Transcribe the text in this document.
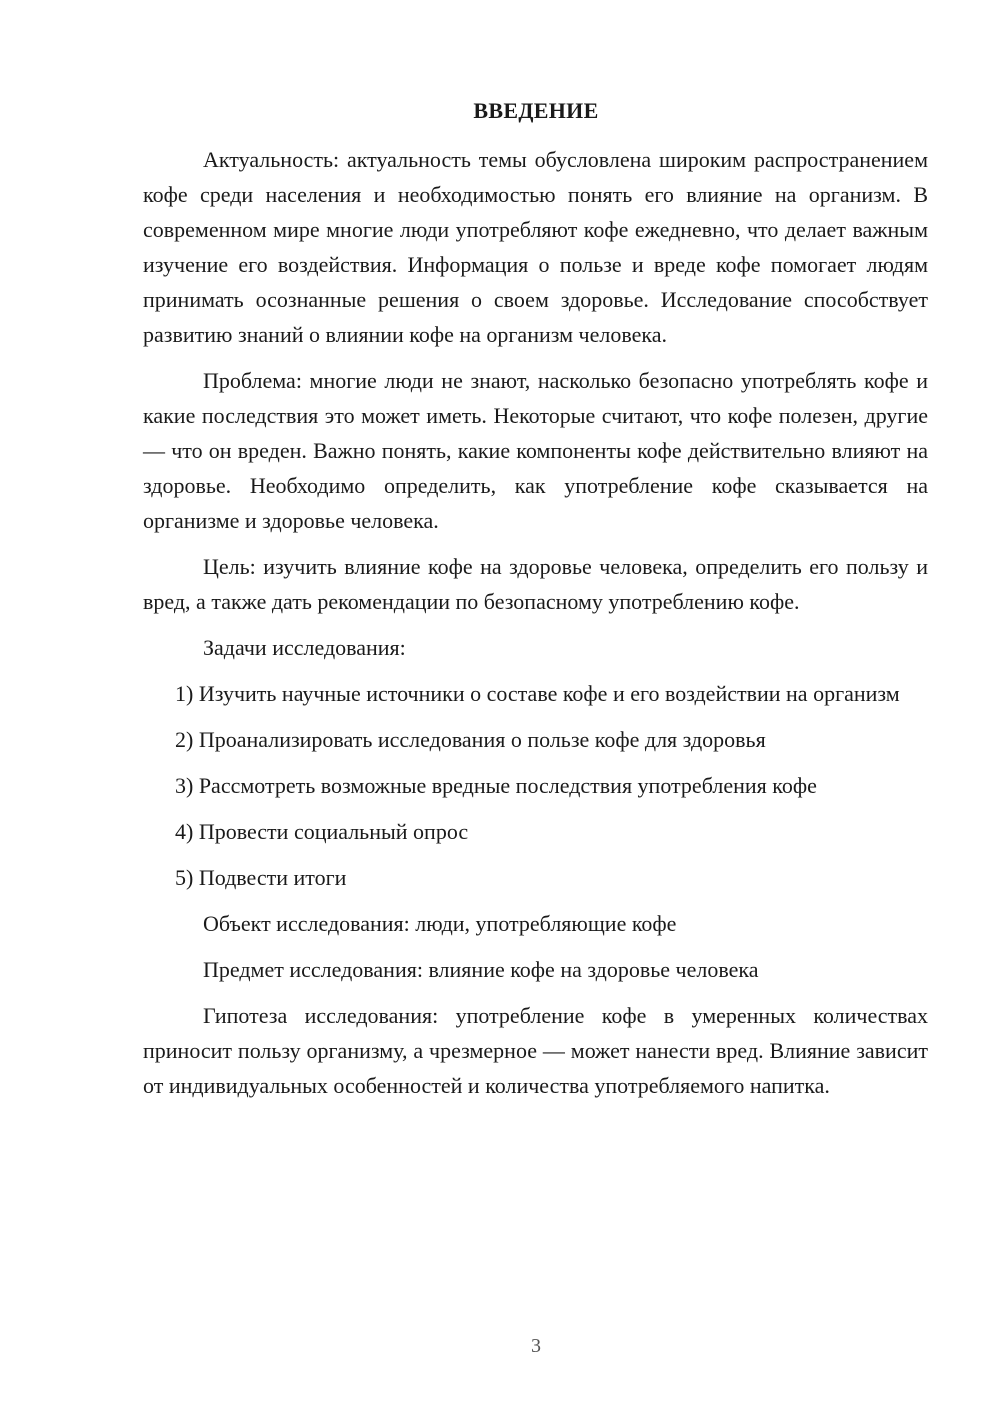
ВВЕДЕНИЕ

Актуальность: актуальность темы обусловлена широким распространением кофе среди населения и необходимостью понять его влияние на организм. В современном мире многие люди употребляют кофе ежедневно, что делает важным изучение его воздействия. Информация о пользе и вреде кофе помогает людям принимать осознанные решения о своем здоровье. Исследование способствует развитию знаний о влиянии кофе на организм человека.

Проблема: многие люди не знают, насколько безопасно употреблять кофе и какие последствия это может иметь. Некоторые считают, что кофе полезен, другие — что он вреден. Важно понять, какие компоненты кофе действительно влияют на здоровье. Необходимо определить, как употребление кофе сказывается на организме и здоровье человека.

Цель: изучить влияние кофе на здоровье человека, определить его пользу и вред, а также дать рекомендации по безопасному употреблению кофе.

Задачи исследования:

1) Изучить научные источники о составе кофе и его воздействии на организм

2) Проанализировать исследования о пользе кофе для здоровья

3) Рассмотреть возможные вредные последствия употребления кофе

4) Провести социальный опрос

5) Подвести итоги

Объект исследования: люди, употребляющие кофе

Предмет исследования: влияние кофе на здоровье человека

Гипотеза исследования: употребление кофе в умеренных количествах приносит пользу организму, а чрезмерное — может нанести вред. Влияние зависит от индивидуальных особенностей и количества употребляемого напитка.

3
